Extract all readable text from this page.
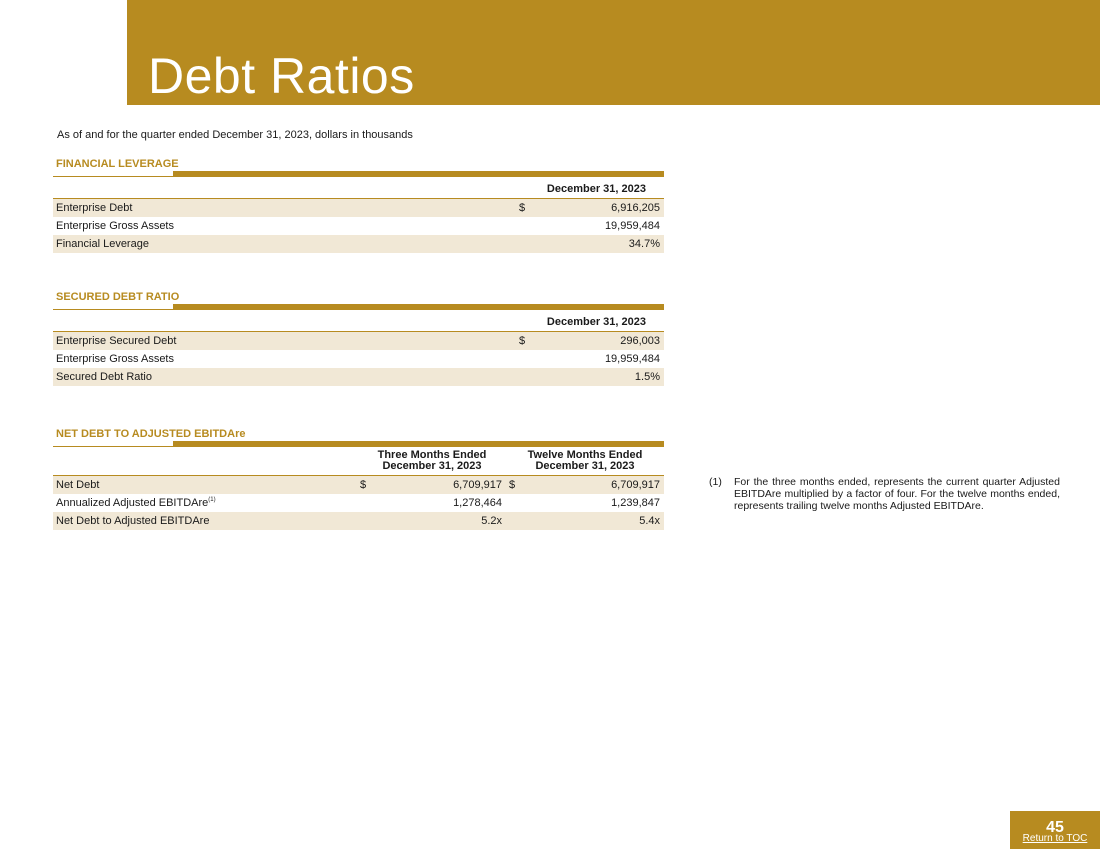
Debt Ratios
As of and for the quarter ended December 31, 2023, dollars in thousands
FINANCIAL LEVERAGE
December 31, 2023
Enterprise Debt	$	6,916,205
Enterprise Gross Assets	19,959,484
Financial Leverage	34.7%
SECURED DEBT RATIO
December 31, 2023
Enterprise Secured Debt	$	296,003
Enterprise Gross Assets	19,959,484
Secured Debt Ratio	1.5%
NET DEBT TO ADJUSTED EBITDAre
Three Months Ended
December 31, 2023
Twelve Months Ended
December 31, 2023
Net Debt	$	6,709,917 $	6,709,917
Annualized Adjusted EBITDAre$^{(1)}$	1,278,464	1,239,847
Net Debt to Adjusted EBITDAre	5.2x	5.4x
(1) For the three months ended, represents the current quarter Adjusted EBITDAre multiplied by a factor of four. For the twelve months ended, represents trailing twelve months Adjusted EBITDAre.
45
Return to TOC
